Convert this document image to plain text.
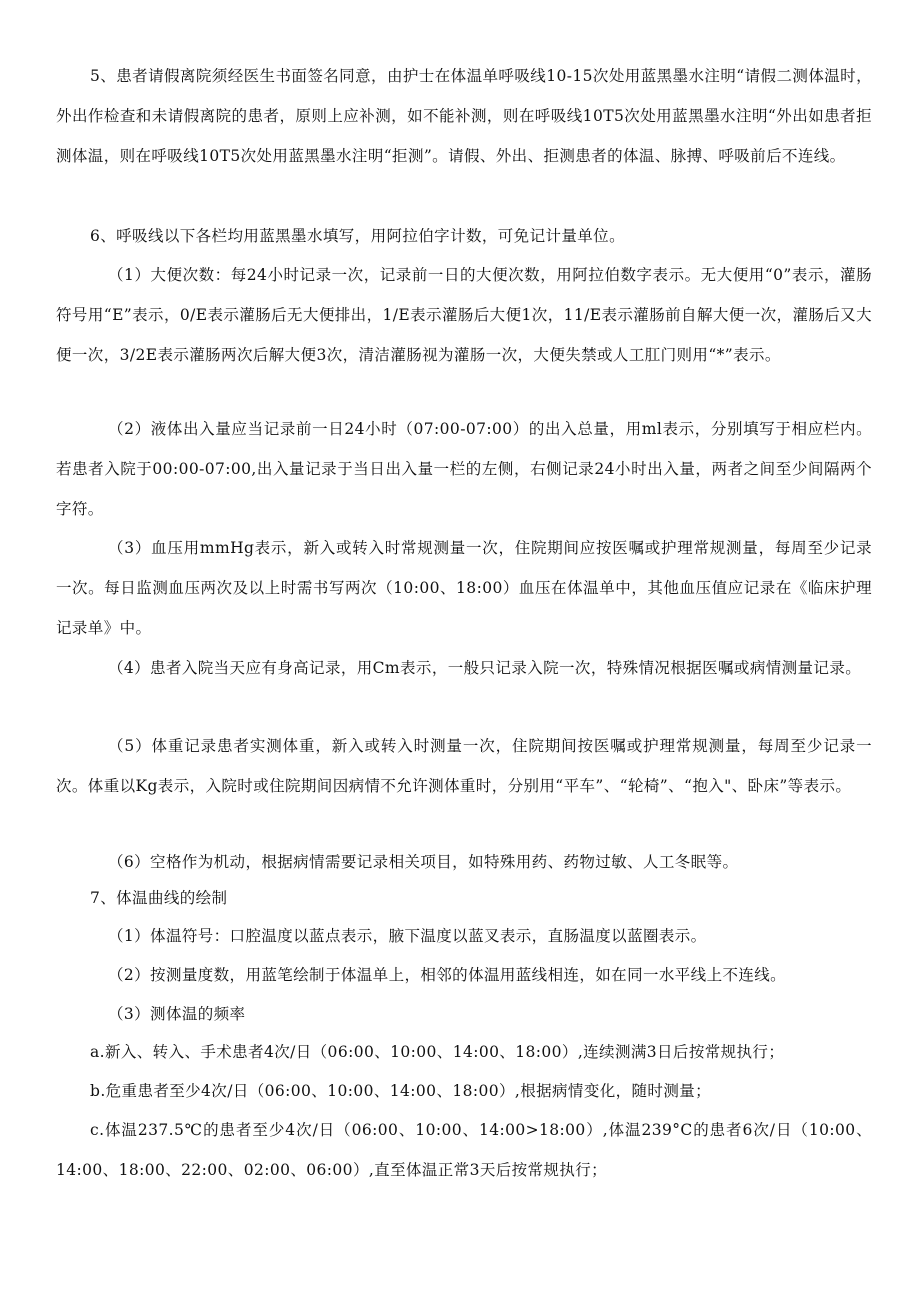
5、患者请假离院须经医生书面签名同意，由护士在体温单呼吸线10-15次处用蓝黑墨水注明“请假二测体温时，外出作检查和未请假离院的患者，原则上应补测，如不能补测，则在呼吸线10T5次处用蓝黑墨水注明“外出如患者拒测体温，则在呼吸线10T5次处用蓝黑墨水注明“拒测”。请假、外出、拒测患者的体温、脉搏、呼吸前后不连线。

6、呼吸线以下各栏均用蓝黑墨水填写，用阿拉伯字计数，可免记计量单位。

（1）大便次数：每24小时记录一次，记录前一日的大便次数，用阿拉伯数字表示。无大便用“0”表示，灌肠符号用“E”表示，0/E表示灌肠后无大便排出，1/E表示灌肠后大便1次，11/E表示灌肠前自解大便一次，灌肠后又大便一次，3/2E表示灌肠两次后解大便3次，清洁灌肠视为灌肠一次，大便失禁或人工肛门则用“*”表示。

（2）液体出入量应当记录前一日24小时（07:00-07:00）的出入总量，用ml表示，分别填写于相应栏内。若患者入院于00:00-07:00,出入量记录于当日出入量一栏的左侧，右侧记录24小时出入量，两者之间至少间隔两个字符。

（3）血压用mmHg表示，新入或转入时常规测量一次，住院期间应按医嘱或护理常规测量，每周至少记录一次。每日监测血压两次及以上时需书写两次（10:00、18:00）血压在体温单中，其他血压值应记录在《临床护理记录单》中。

（4）患者入院当天应有身高记录，用Cm表示，一般只记录入院一次，特殊情况根据医嘱或病情测量记录。

（5）体重记录患者实测体重，新入或转入时测量一次，住院期间按医嘱或护理常规测量，每周至少记录一次。体重以Kg表示，入院时或住院期间因病情不允许测体重时，分别用“平车”、“轮椅”、“抱入"、卧床”等表示。

（6）空格作为机动，根据病情需要记录相关项目，如特殊用药、药物过敏、人工冬眠等。

7、体温曲线的绘制

（1）体温符号：口腔温度以蓝点表示，腋下温度以蓝叉表示，直肠温度以蓝圈表示。

（2）按测量度数，用蓝笔绘制于体温单上，相邻的体温用蓝线相连，如在同一水平线上不连线。

（3）测体温的频率

a.新入、转入、手术患者4次/日（06:00、10:00、14:00、18:00）,连续测满3日后按常规执行；

b.危重患者至少4次/日（06:00、10:00、14:00、18:00）,根据病情变化，随时测量；

c.体温237.5℃的患者至少4次/日（06:00、10:00、14:00>18:00）,体温239°C的患者6次/日（10:00、14:00、18:00、22:00、02:00、06:00）,直至体温正常3天后按常规执行；
